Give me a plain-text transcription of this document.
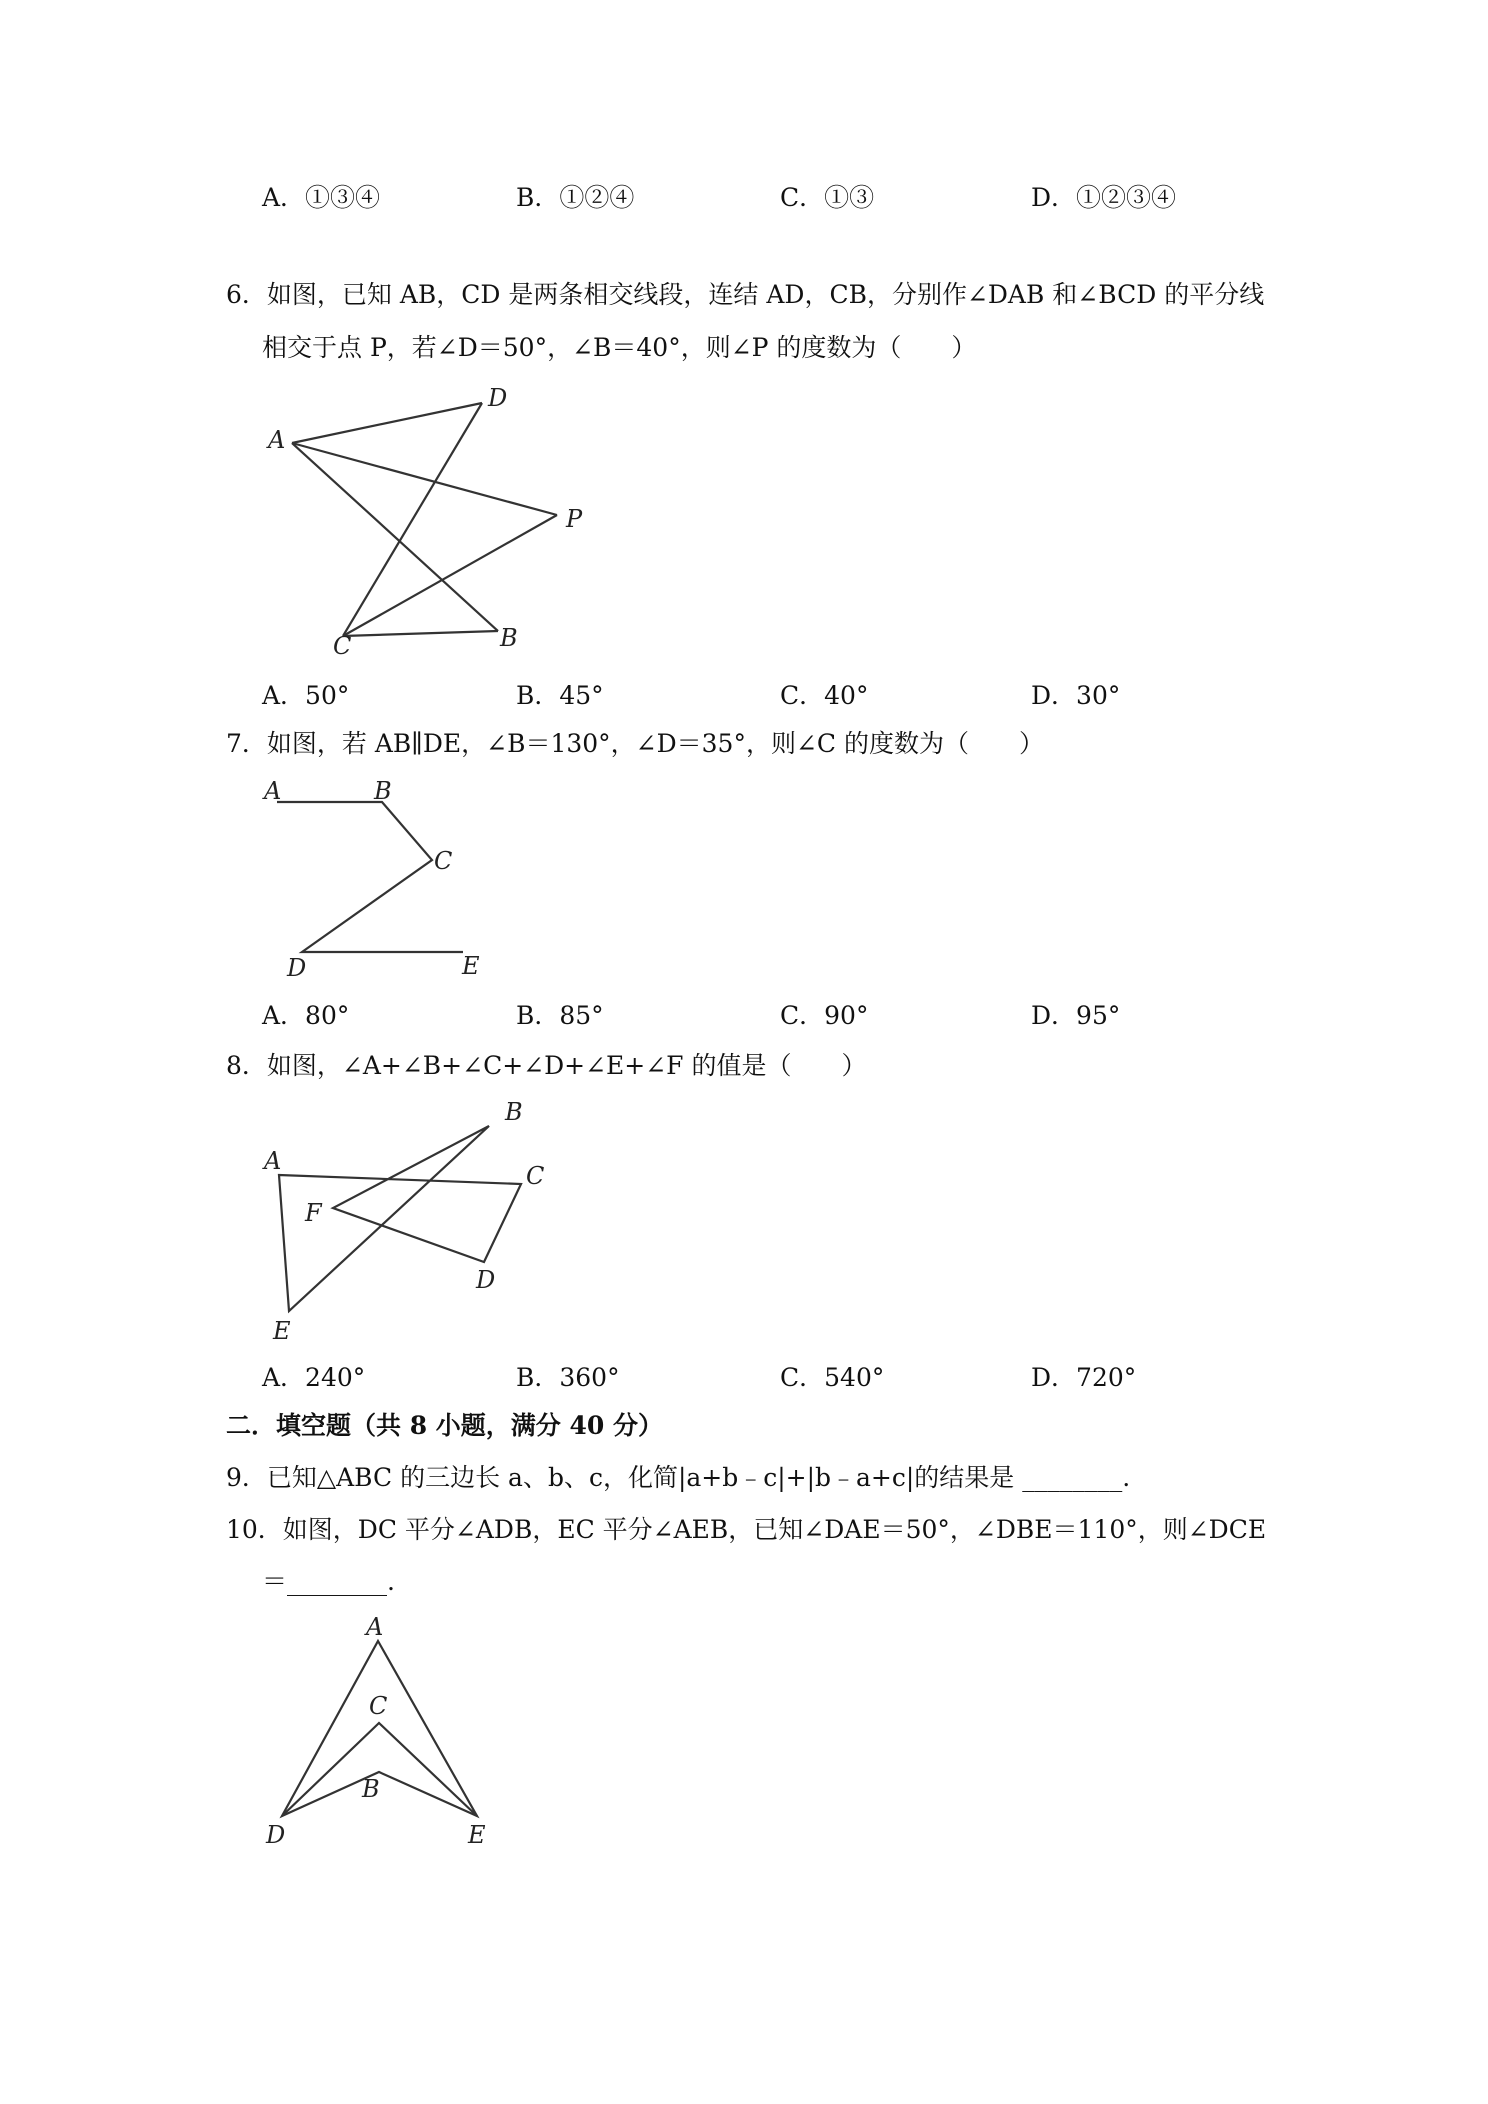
A．①③④	B．①②④	C．①③	D．①②③④
6．如图，已知 AB，CD 是两条相交线段，连结 AD，CB，分别作∠DAB 和∠BCD 的平分线
相交于点 P，若∠D＝50°，∠B＝40°，则∠P 的度数为（　　）
A
D
P
C	B
A．50°	B．45°	C．40°	D．30°
7．如图，若 AB∥DE，∠B＝130°，∠D＝35°，则∠C 的度数为（　　）
A	B
C
D	E
A．80°	B．85°	C．90°	D．95°
8．如图，∠A+∠B+∠C+∠D+∠E+∠F 的值是（　　）
A
B
C
D
E
F
A．240°	B．360°	C．540°	D．720°
二．填空题（共 8 小题，满分 40 分）
9．已知△ABC 的三边长 a、b、c，化简|a+b﹣c|+|b﹣a+c|的结果是 ________.
10．如图，DC 平分∠ADB，EC 平分∠AEB，已知∠DAE＝50°，∠DBE＝110°，则∠DCE
＝________.
A
C
B
D	E
